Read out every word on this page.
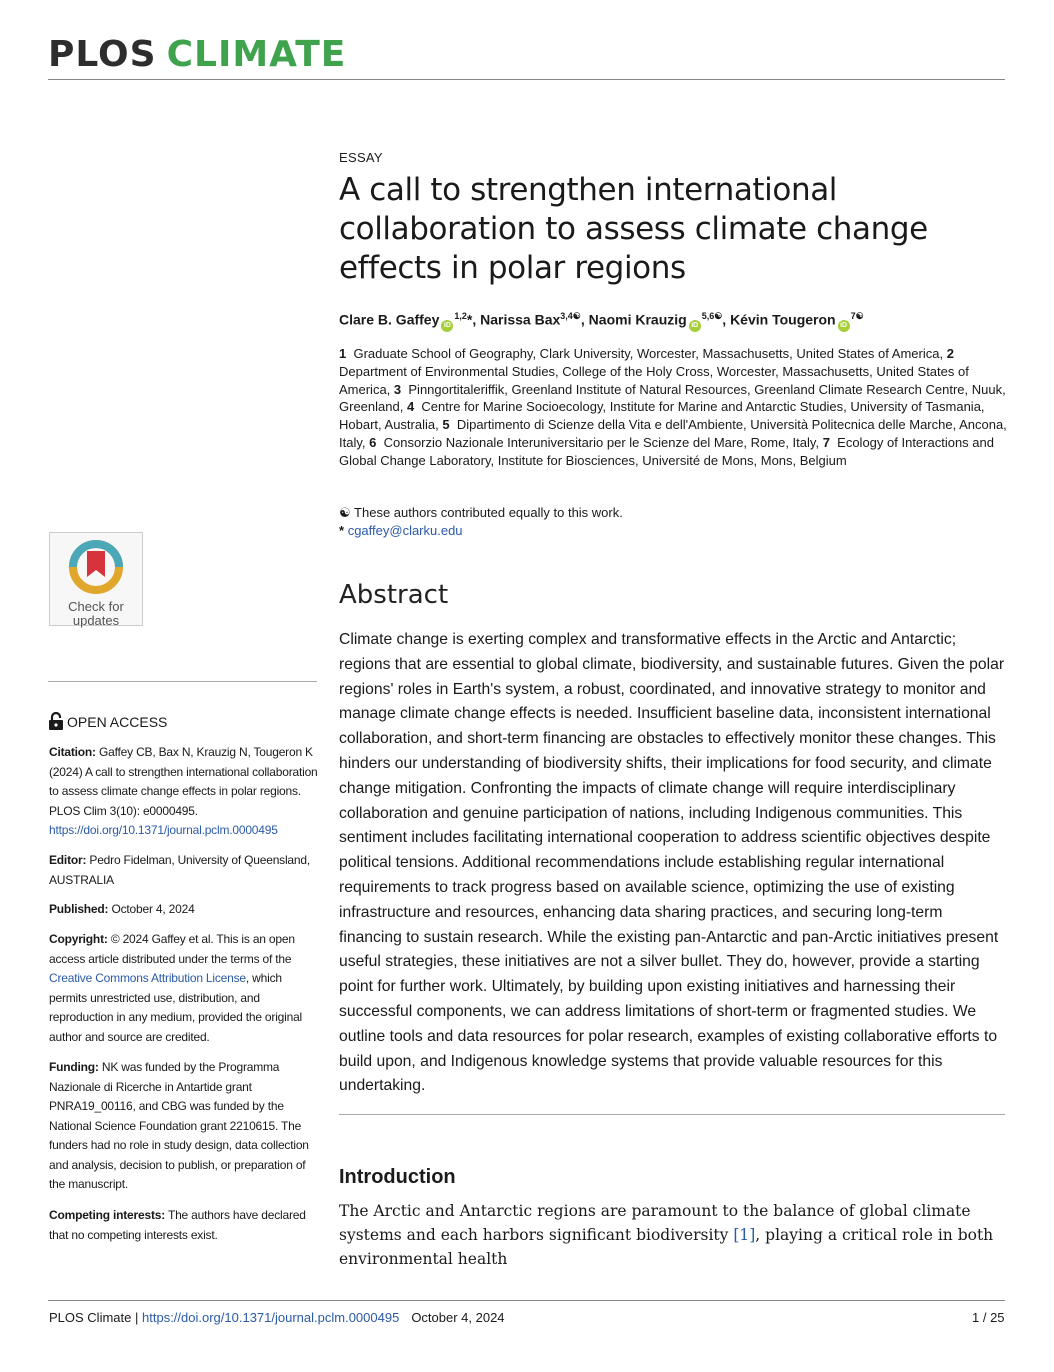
PLOS CLIMATE
ESSAY
A call to strengthen international collaboration to assess climate change effects in polar regions
Clare B. Gaffey iD$^{1,2}$*, Narissa Bax$^{3,4☯}$, Naomi Krauzig $iD^{5,6☯}$, Kévin Tougeron $iD^{7☯}$
1 Graduate School of Geography, Clark University, Worcester, Massachusetts, United States of America, 2  Department of Environmental Studies, College of the Holy Cross, Worcester, Massachusetts, United States of America, 3 Pinngortitaleriffik, Greenland Institute of Natural Resources, Greenland Climate Research Centre, Nuuk, Greenland, 4 Centre for Marine Socioecology, Institute for Marine and Antarctic Studies, University of Tasmania, Hobart, Australia, 5 Dipartimento di Scienze della Vita e dell'Ambiente, Università Politecnica delle Marche, Ancona, Italy, 6 Consorzio Nazionale Interuniversitario per le Scienze del Mare, Rome, Italy, 7 Ecology of Interactions and Global Change Laboratory, Institute for Biosciences, Université de Mons, Mons, Belgium
☯ These authors contributed equally to this work.
* cgaffey@clarku.edu
Abstract
Climate change is exerting complex and transformative effects in the Arctic and Antarctic; regions that are essential to global climate, biodiversity, and sustainable futures. Given the polar regions' roles in Earth's system, a robust, coordinated, and innovative strategy to monitor and manage climate change effects is needed. Insufficient baseline data, inconsistent international collaboration, and short-term financing are obstacles to effectively monitor these changes. This hinders our understanding of biodiversity shifts, their implications for food security, and climate change mitigation. Confronting the impacts of climate change will require interdisciplinary collaboration and genuine participation of nations, including Indigenous communities. This sentiment includes facilitating international cooperation to address scientific objectives despite political tensions. Additional recommendations include establishing regular international requirements to track progress based on available science, optimizing the use of existing infrastructure and resources, enhancing data sharing practices, and securing long-term financing to sustain research. While the existing pan-Antarctic and pan-Arctic initiatives present useful strategies, these initiatives are not a silver bullet. They do, however, provide a starting point for further work. Ultimately, by building upon existing initiatives and harnessing their successful components, we can address limitations of short-term or fragmented studies. We outline tools and data resources for polar research, examples of existing collaborative efforts to build upon, and Indigenous knowledge systems that provide valuable resources for this undertaking.
Introduction
The Arctic and Antarctic regions are paramount to the balance of global climate systems and each harbors significant biodiversity [1], playing a critical role in both environmental health
Check for
updates
OPEN ACCESS
Citation: Gaffey CB, Bax N, Krauzig N, Tougeron K (2024) A call to strengthen international collaboration to assess climate change effects in polar regions. PLOS Clim 3(10): e0000495. https://doi.org/10.1371/journal.pclm.0000495
Editor: Pedro Fidelman, University of Queensland, AUSTRALIA
Published: October 4, 2024
Copyright: © 2024 Gaffey et al. This is an open access article distributed under the terms of the Creative Commons Attribution License, which permits unrestricted use, distribution, and reproduction in any medium, provided the original author and source are credited.
Funding: NK was funded by the Programma Nazionale di Ricerche in Antartide grant PNRA19_00116, and CBG was funded by the National Science Foundation grant 2210615. The funders had no role in study design, data collection and analysis, decision to publish, or preparation of the manuscript.
Competing interests: The authors have declared that no competing interests exist.
PLOS Climate | https://doi.org/10.1371/journal.pclm.0000495 October 4, 2024	1 / 25
